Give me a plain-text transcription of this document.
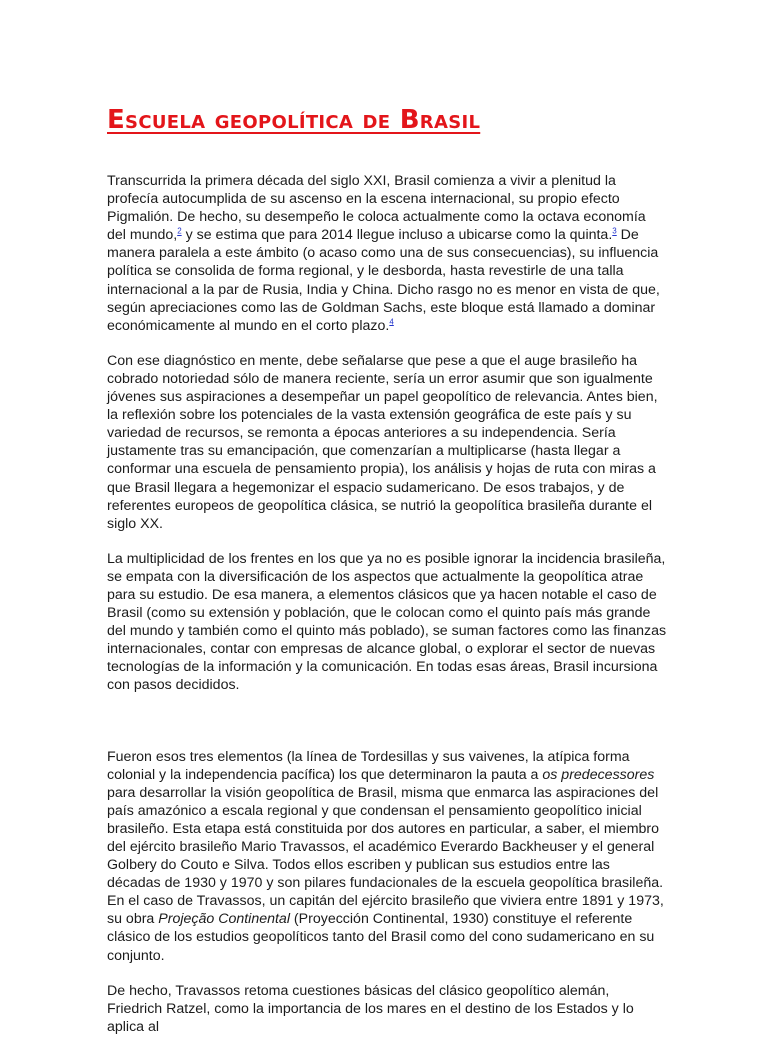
Escuela geopolítica de Brasil

Transcurrida la primera década del siglo XXI, Brasil comienza a vivir a plenitud la profecía autocumplida de su ascenso en la escena internacional, su propio efecto Pigmalión. De hecho, su desempeño le coloca actualmente como la octava economía del mundo,$^2$ y se estima que para 2014 llegue incluso a ubicarse como la quinta.$^3$ De manera paralela a este ámbito (o acaso como una de sus consecuencias), su influencia política se consolida de forma regional, y le desborda, hasta revestirle de una talla internacional a la par de Rusia, India y China. Dicho rasgo no es menor en vista de que, según apreciaciones como las de Goldman Sachs, este bloque está llamado a dominar económicamente al mundo en el corto plazo.$^4$

Con ese diagnóstico en mente, debe señalarse que pese a que el auge brasileño ha cobrado notoriedad sólo de manera reciente, sería un error asumir que son igualmente jóvenes sus aspiraciones a desempeñar un papel geopolítico de relevancia. Antes bien, la reflexión sobre los potenciales de la vasta extensión geográfica de este país y su variedad de recursos, se remonta a épocas anteriores a su independencia. Sería justamente tras su emancipación, que comenzarían a multiplicarse (hasta llegar a conformar una escuela de pensamiento propia), los análisis y hojas de ruta con miras a que Brasil llegara a hegemonizar el espacio sudamericano. De esos trabajos, y de referentes europeos de geopolítica clásica, se nutrió la geopolítica brasileña durante el siglo XX.

La multiplicidad de los frentes en los que ya no es posible ignorar la incidencia brasileña, se empata con la diversificación de los aspectos que actualmente la geopolítica atrae para su estudio. De esa manera, a elementos clásicos que ya hacen notable el caso de Brasil (como su extensión y población, que le colocan como el quinto país más grande del mundo y también como el quinto más poblado), se suman factores como las finanzas internacionales, contar con empresas de alcance global, o explorar el sector de nuevas tecnologías de la información y la comunicación. En todas esas áreas, Brasil incursiona con pasos decididos.

Fueron esos tres elementos (la línea de Tordesillas y sus vaivenes, la atípica forma colonial y la independencia pacífica) los que determinaron la pauta a os predecessores para desarrollar la visión geopolítica de Brasil, misma que enmarca las aspiraciones del país amazónico a escala regional y que condensan el pensamiento geopolítico inicial brasileño. Esta etapa está constituida por dos autores en particular, a saber, el miembro del ejército brasileño Mario Travassos, el académico Everardo Backheuser y el general Golbery do Couto e Silva. Todos ellos escriben y publican sus estudios entre las décadas de 1930 y 1970 y son pilares fundacionales de la escuela geopolítica brasileña. En el caso de Travassos, un capitán del ejército brasileño que viviera entre 1891 y 1973, su obra Projeção Continental (Proyección Continental, 1930) constituye el referente clásico de los estudios geopolíticos tanto del Brasil como del cono sudamericano en su conjunto.

De hecho, Travassos retoma cuestiones básicas del clásico geopolítico alemán, Friedrich Ratzel, como la importancia de los mares en el destino de los Estados y lo aplica al
